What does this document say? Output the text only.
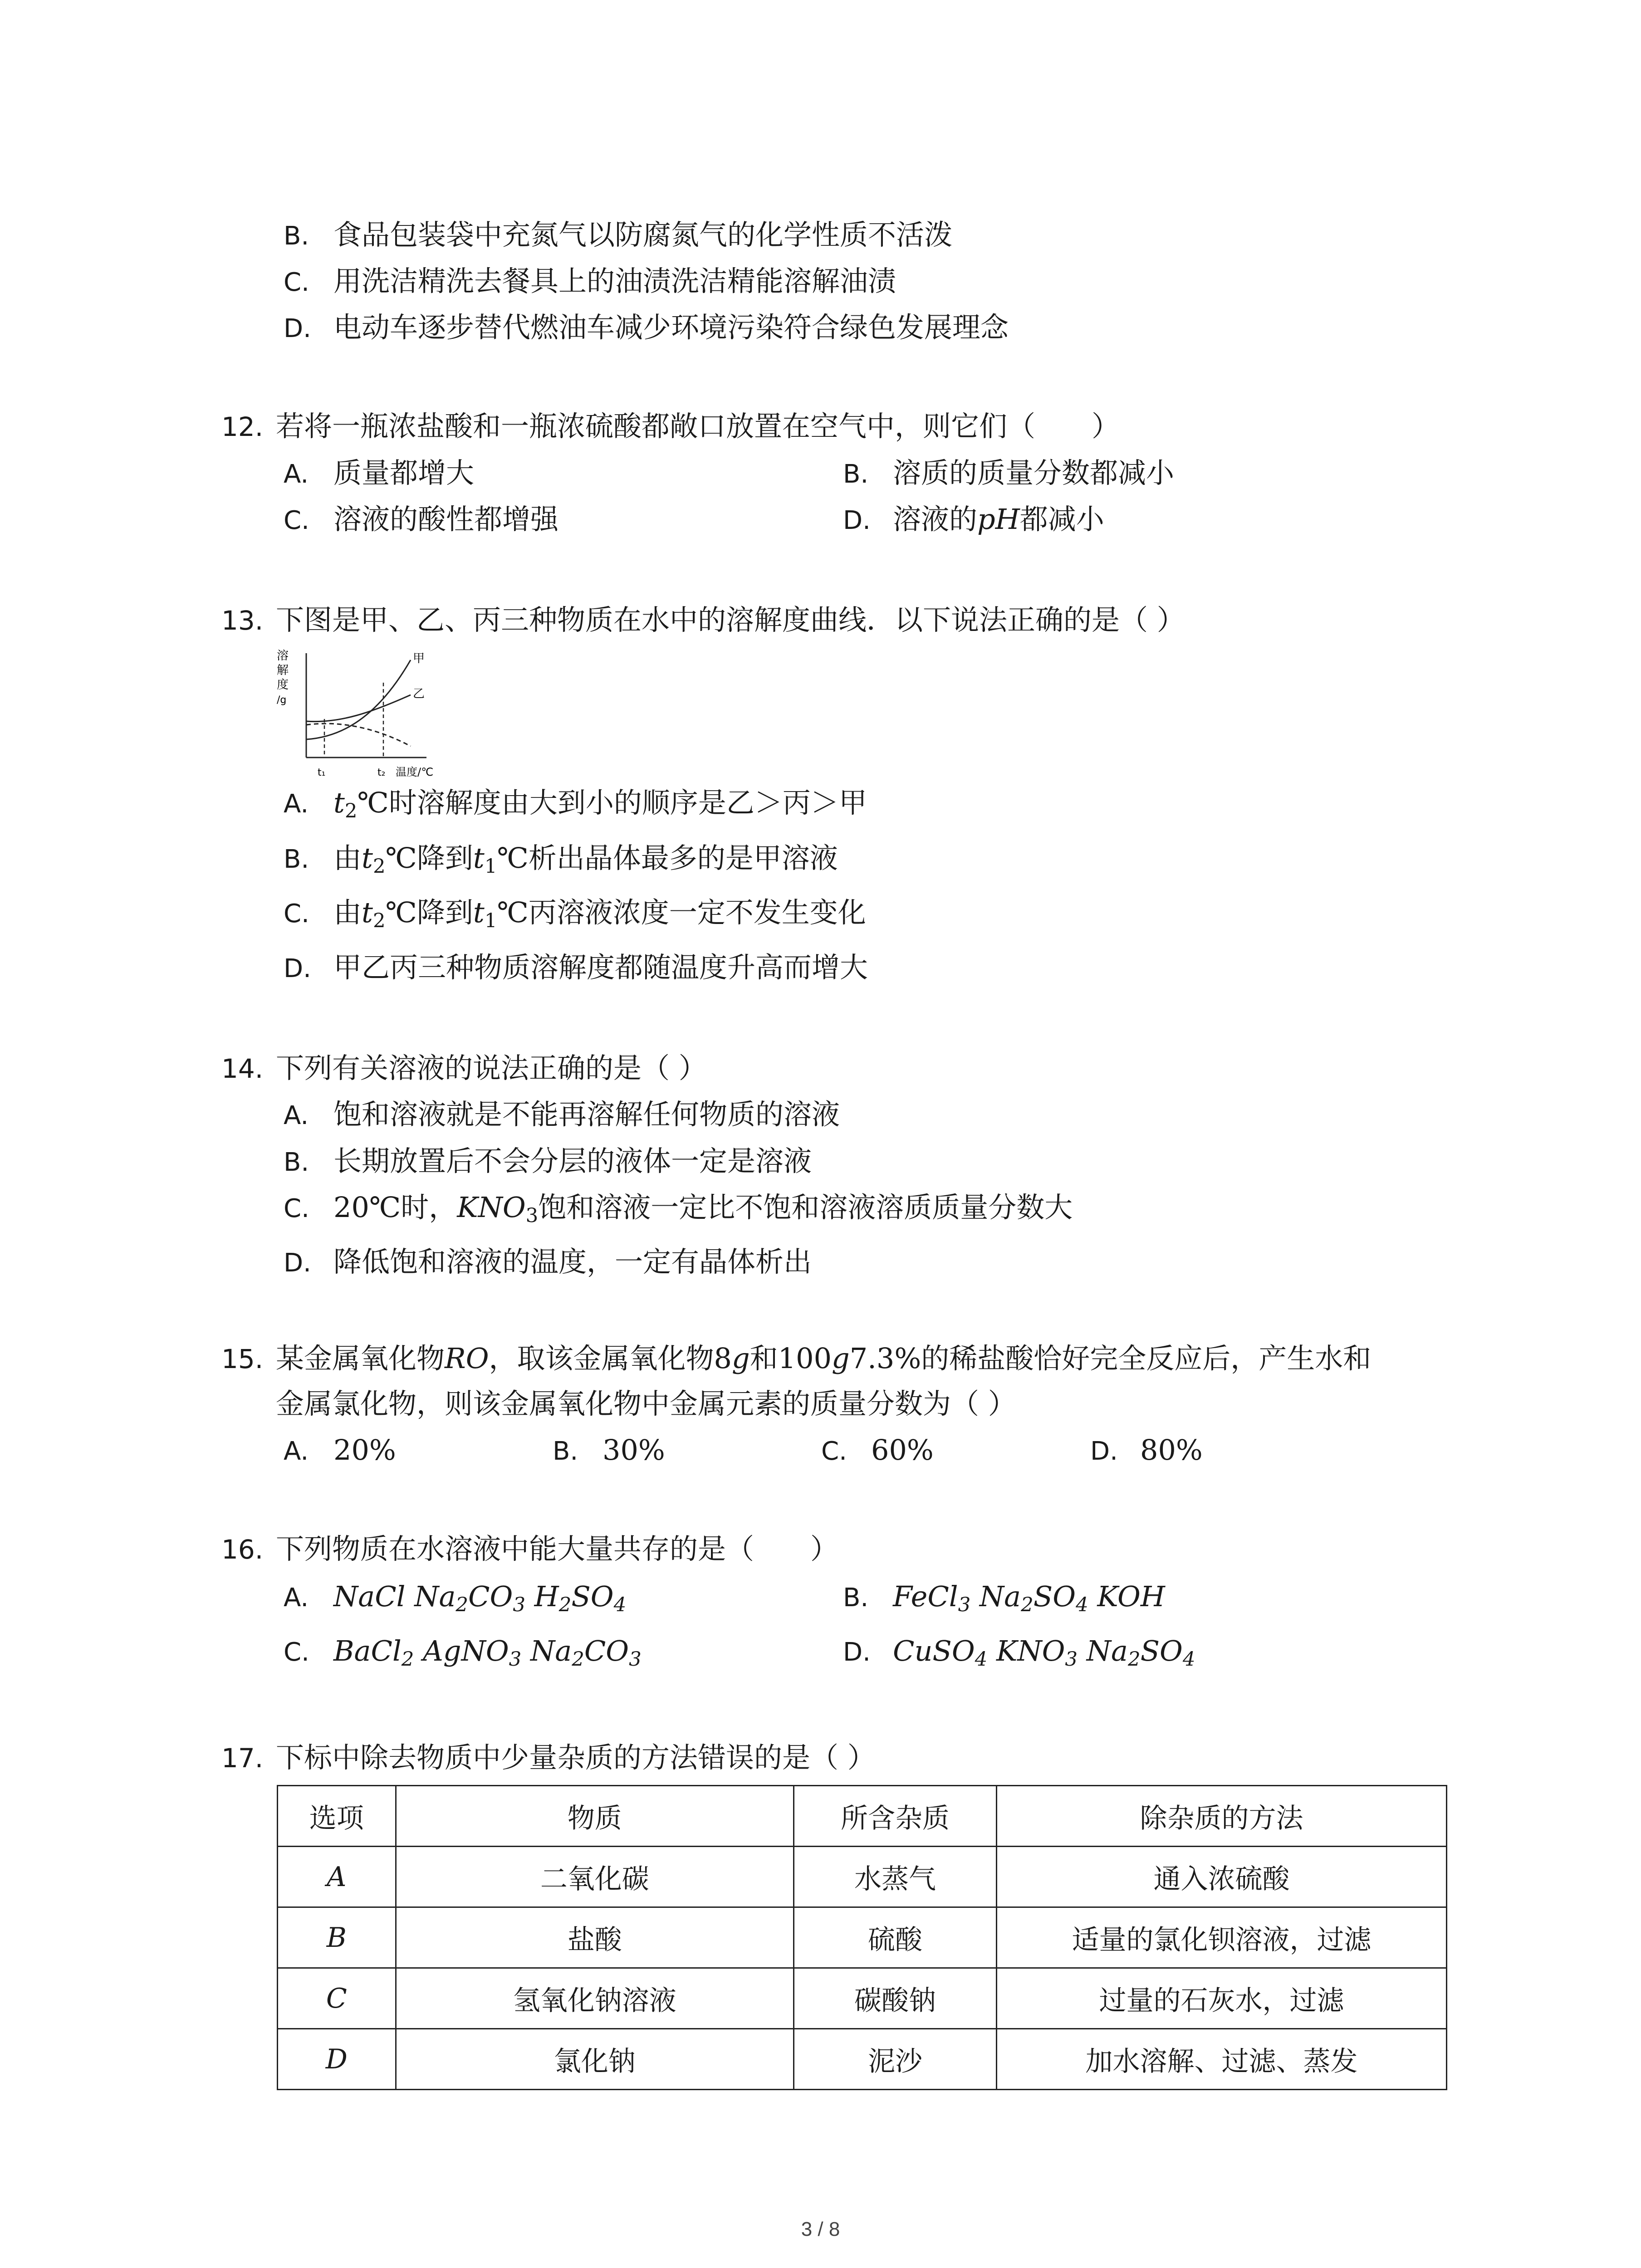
B. 食品包装袋中充氮气以防腐氮气的化学性质不活泼
C. 用洗洁精洗去餐具上的油渍洗洁精能溶解油渍
D. 电动车逐步替代燃油车减少环境污染符合绿色发展理念
12. 若将一瓶浓盐酸和一瓶浓硫酸都敞口放置在空气中，则它们（　　）
A. 质量都增大	B. 溶质的质量分数都减小
C. 溶液的酸性都增强	D. 溶液的pH都减小
13. 下图是甲、乙、丙三种物质在水中的溶解度曲线．以下说法正确的是（ ）
溶
解
度
/g
甲
乙
t₁	t₂ 温度/℃
A. $t_2℃$时溶解度由大到小的顺序是乙＞丙＞甲
B. 由$t_2℃$降到$t_1℃$析出晶体最多的是甲溶液
C. 由$t_2℃$降到$t_1℃$丙溶液浓度一定不发生变化
D. 甲乙丙三种物质溶解度都随温度升高而增大
14. 下列有关溶液的说法正确的是（ ）
A. 饱和溶液就是不能再溶解任何物质的溶液
B. 长期放置后不会分层的液体一定是溶液
C. 20℃时，$KNO_3$饱和溶液一定比不饱和溶液溶质质量分数大
D. 降低饱和溶液的温度，一定有晶体析出
15. 某金属氧化物RO，取该金属氧化物8g和100g7.3%的稀盐酸恰好完全反应后，产生水和
金属氯化物，则该金属氧化物中金属元素的质量分数为（ ）
A. 20%	B. 30%	C. 60%	D. 80%
16. 下列物质在水溶液中能大量共存的是（　　）
A. NaCl $Na_2CO_3$ $H_2SO_4$	B. FeCl$_3$ $Na_2SO_4$ KOH
C. BaCl$_2$ AgNO$_3$ $Na_2CO_3$	D. CuSO$_4$ $KNO_3$ $Na_2SO_4$
17. 下标中除去物质中少量杂质的方法错误的是（ ）
选项	物质	所含杂质	除杂质的方法
A	二氧化碳	水蒸气	通入浓硫酸
B	盐酸	硫酸	适量的氯化钡溶液，过滤
C	氢氧化钠溶液	碳酸钠	过量的石灰水，过滤
D	氯化钠	泥沙	加水溶解、过滤、蒸发
3 / 8
